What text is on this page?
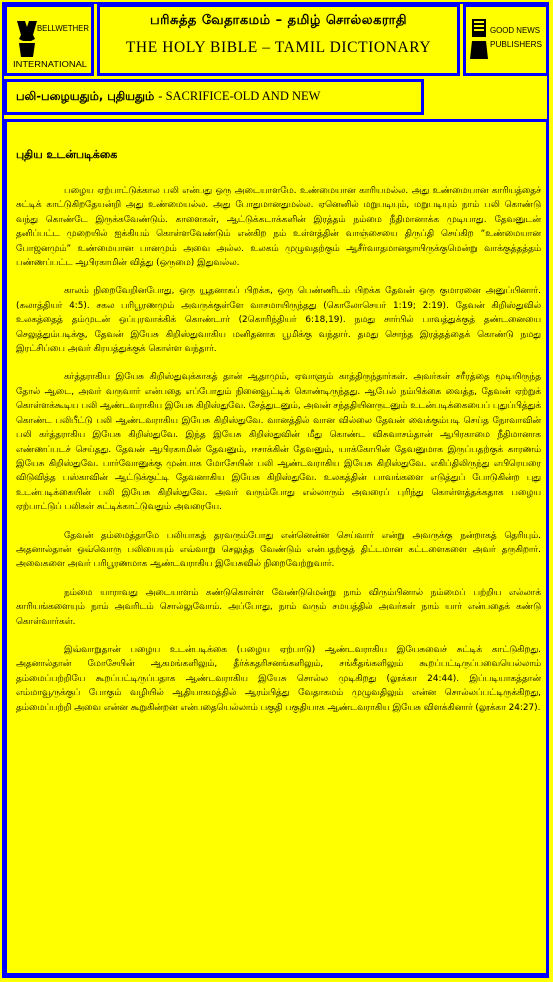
BELLWETHER
INTERNATIONAL
பரிசுத்த வேதாகமம் – தமிழ் சொல்லகராதி
THE HOLY BIBLE – TAMIL DICTIONARY
GOOD NEWS
PUBLISHERS
பலி-பழையதும், புதியதும் - SACRIFICE-OLD AND NEW
புதிய உடன்படிக்கை

பழைய ஏற்பாட்டுக்கால பலி என்பது ஒரு அடையாளமே. உண்மையான காரியமல்ல. அது உண்மையான காரியத்தைச் சுட்டிக் காட்டுகிறதேயன்றி அது உண்மையல்ல. அது போதுமானதுமல்ல. ஏனெனில் மறுபடியும், மறுபடியும் நாம் பலி கொண்டு வந்து கொண்டே இருக்கவேண்டும். காளைகள், ஆட்டுக்கடாக்களின் இரத்தம் நம்மை நீதிமானாக்க முடியாது. தேவனுடன் தனிப்பட்ட முறையில் ஐக்கியம் கொள்ளவேண்டும் என்கிற நம் உள்ளத்தின் வாஞ்சையை திருப்தி செய்கிற “உண்மையான போஜனமும்” உண்மையான பானமும் அவை அல்ல. உலகம் முழுவதற்கும் ஆசீர்வாதமானதாயிருக்குமென்று வாக்குத்தத்தம் பண்ணப்பட்ட ஆபிரகாமின் வித்து (ஒருமை) இதுவல்ல.

காலம் நிறைவேறினபோது, ஒரு யூதனாகப் பிறக்க, ஒரு பெண்ணிடம் பிறக்க தேவன் ஒரு குமாரனை அனுப்பினார். (கலாத்தியர் 4:5). சகல பரிபூரணமும் அவருக்குள்ளே வாசமாயிருந்தது (கொலோசெயர் 1:19; 2:19). தேவன் கிறிஸ்துவில் உலகத்தைத் தம்முடன் ஒப்புரவாக்கிக் கொண்டார் (2கொரிந்தியர் 6:18,19). நமது சார்பில் பாவத்துக்குத் தண்டனையை செலுத்தும்படிக்கு, தேவன் இயேசு கிறிஸ்துவாகிய மனிதனாக பூமிக்கு வந்தார். தமது சொந்த இரத்தத்தைக் கொண்டு நமது இரட்சிப்பை அவர் கிரயத்துக்குக் கொள்ள வந்தார்.

கர்த்தராகிய இயேசு கிறிஸ்துவுக்காகத் தான் ஆதாமும், ஏவாளும் காத்திருந்தார்கள். அவர்கள் சரீரத்தை மூடியிருந்த தோல் ஆடை, அவர் வருவார் என்பதை எப்போதும் நினைவூட்டிக் கொண்டிருந்தது. ஆபேல் நம்பிக்கை வைத்த, தேவன் ஏற்றுக் கொள்ளக்கூடிய பலி ஆண்டவராகிய இயேசு கிறிஸ்துவே. சேத்துடனும், அவன் சந்ததியினருடனும் உடன்படிக்கையைப் புதுப்பித்துக் கொண்ட பலிபீட்டு பலி ஆண்டவராகிய இயேசு கிறிஸ்துவே. வானத்தில் வான வில்லை தேவன் வைக்கும்படி செய்த நோவாவின் பலி கர்த்தராகிய இயேசு கிறிஸ்துவே. இந்த இயேசு கிறிஸ்துவின் மீது கொண்ட விசுவாசம்தான் ஆபிரகாமை நீதிமானாக எண்ணப்படச் செய்தது. தேவன் ஆபிரகாமின் தேவனும், ஈசாக்கின் தேவனும், யாக்கோபின் தேவனுமாக இருப்பதற்குக் காரணம் இயேசு கிறிஸ்துவே. பார்வோனுக்கு முன்பாக மோசேயின் பலி ஆண்டவராகிய இயேசு கிறிஸ்துவே. எகிப்திலிருந்து எபிரெயரை விடுவித்த பஸ்காவின் ஆட்டுக்குட்டி தேவனாகிய இயேசு கிறிஸ்துவே. உலகத்தின் பாவங்களை எடுத்துப் போடுகின்ற புது உடன்படிக்கையின் பலி இயேசு கிறிஸ்துவே. அவர் வரும்போது எல்லாரும் அவரைப் புரிந்து கொள்ளத்தக்கதாக பழைய ஏற்பாட்டுப் பலிகள் சுட்டிக்காட்டுவதும் அவரையே.

தேவன் தம்மைத்தாமே பலியாகத் தரவரும்போது என்னென்ன செய்வார் என்று அவருக்கு நன்றாகத் தெரியும். அதனால்தான் ஒவ்வொரு பலியையும் எவ்வாறு செலுத்த வேண்டும் என்பதற்குத் திட்டமான கட்டளைகளை அவர் தருகிறார். அவைகளை அவர் பரிபூரணமாக ஆண்டவராகிய இயேசுவில் நிறைவேற்றுவார்.

நம்மை யாராவது அடையாளம் கண்டுகொள்ள வேண்டுமென்று நாம் விரும்பினால் நம்மைப் பற்றிய எல்லாக் காரியங்களையும் நாம் அவரிடம் சொல்லுவோம். அப்போது, நாம் வரும் சமயத்தில் அவர்கள் நாம் யார் என்பதைக் கண்டு கொள்வார்கள்.

இவ்வாறுதான் பழைய உடன்படிக்கை (பழைய ஏற்பாடு) ஆண்டவராகிய இயேசுவைச் சுட்டிக் காட்டுகிறது. அதனால்தான் மோசேயின் ஆகமங்களிலும், தீர்க்கதரிசனங்களிலும், சங்கீதங்களிலும் கூறப்பட்டிருப்பவையெல்லாம் தம்மைப்பற்றியே கூறப்பட்டிருப்பதாக ஆண்டவராகிய இயேசு சொல்ல முடிகிறது (லூக்கா 24:44). இப்படியாகத்தான் எம்மாவூருக்குப் போகும் வழியில் ஆதியாகமத்தில் ஆரம்பித்து வேதாகமம் முழுவதிலும் என்ன சொல்லப்பட்டிருக்கிறது, தம்மைப்பற்றி அவை என்ன கூறுகின்றன என்பதையெல்லாம் பகுதி பகுதியாக ஆண்டவராகிய இயேசு விளக்கினார் (லூக்கா 24:27).
